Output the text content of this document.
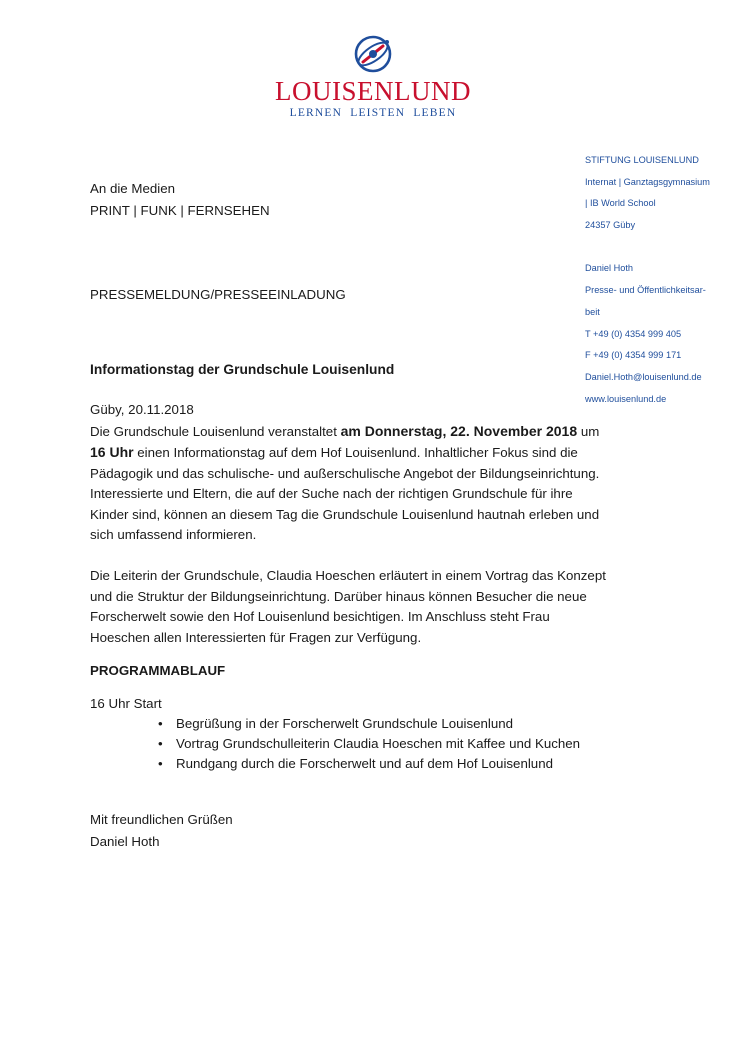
LOUISENLUND
LERNEN LEISTEN LEBEN
STIFTUNG LOUISENLUND
Internat | Ganztagsgymnasium
| IB World School
24357 Güby
Daniel Hoth
Presse- und Öffentlichkeitsar-
beit
T +49 (0) 4354 999 405
F +49 (0) 4354 999 171
Daniel.Hoth@louisenlund.de
www.louisenlund.de
An die Medien
PRINT | FUNK | FERNSEHEN
PRESSEMELDUNG/PRESSEEINLADUNG
Informationstag der Grundschule Louisenlund

Güby, 20.11.2018

Die Grundschule Louisenlund veranstaltet am Donnerstag, 22. November 2018 um 16 Uhr einen Informationstag auf dem Hof Louisenlund. Inhaltlicher Fokus sind die Pädagogik und das schulische- und außerschulische Angebot der Bildungseinrichtung. Interessierte und Eltern, die auf der Suche nach der richtigen Grundschule für ihre Kinder sind, können an diesem Tag die Grundschule Louisenlund hautnah erleben und sich umfassend informieren.

Die Leiterin der Grundschule, Claudia Hoeschen erläutert in einem Vortrag das Konzept und die Struktur der Bildungseinrichtung. Darüber hinaus können Besucher die neue Forscherwelt sowie den Hof Louisenlund besichtigen. Im Anschluss steht Frau Hoeschen allen Interessierten für Fragen zur Verfügung.

PROGRAMMABLAUF
16 Uhr Start
• Begrüßung in der Forscherwelt Grundschule Louisenlund
• Vortrag Grundschulleiterin Claudia Hoeschen mit Kaffee und Kuchen
• Rundgang durch die Forscherwelt und auf dem Hof Louisenlund
Mit freundlichen Grüßen
Daniel Hoth
